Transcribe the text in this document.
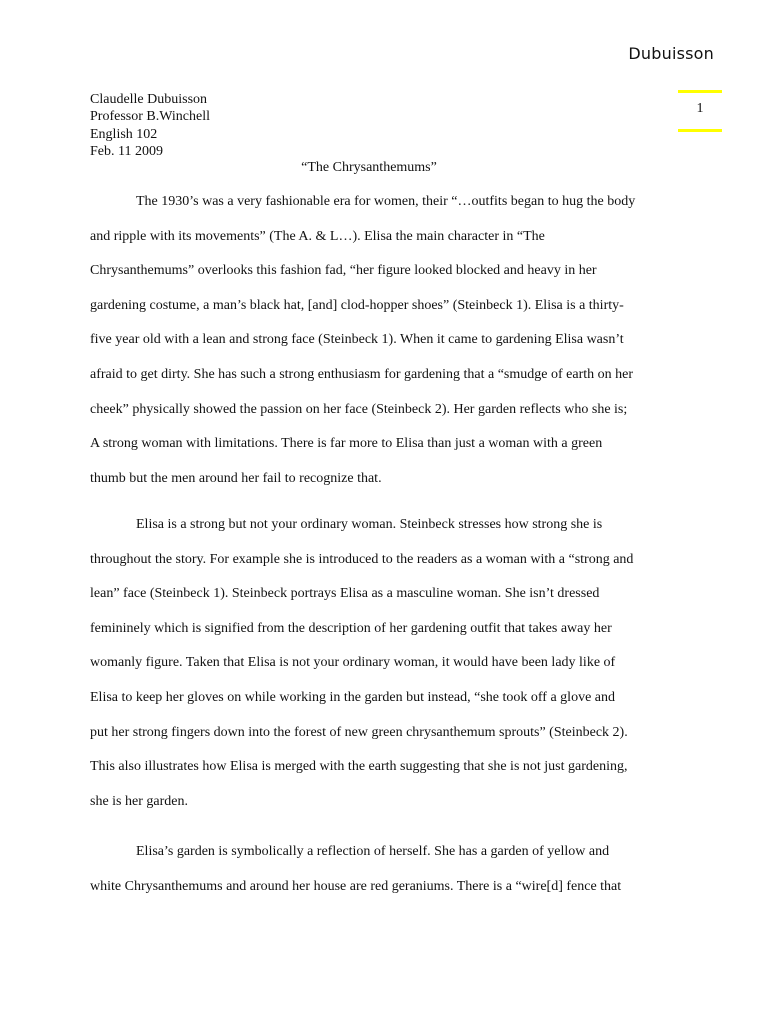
Dubuisson
1
Claudelle Dubuisson
Professor B.Winchell
English 102
Feb. 11 2009
“The Chrysanthemums”

The 1930’s was a very fashionable era for women, their “…outfits began to hug the body
and ripple with its movements” (The A. & L…). Elisa the main character in “The
Chrysanthemums” overlooks this fashion fad, “her figure looked blocked and heavy in her
gardening costume, a man’s black hat, [and] clod-hopper shoes” (Steinbeck 1). Elisa is a thirty-
five year old with a lean and strong face (Steinbeck 1). When it came to gardening Elisa wasn’t
afraid to get dirty. She has such a strong enthusiasm for gardening that a “smudge of earth on her
cheek” physically showed the passion on her face (Steinbeck 2). Her garden reflects who she is;
A strong woman with limitations. There is far more to Elisa than just a woman with a green
thumb but the men around her fail to recognize that.

Elisa is a strong but not your ordinary woman. Steinbeck stresses how strong she is
throughout the story. For example she is introduced to the readers as a woman with a “strong and
lean” face (Steinbeck 1). Steinbeck portrays Elisa as a masculine woman. She isn’t dressed
femininely which is signified from the description of her gardening outfit that takes away her
womanly figure. Taken that Elisa is not your ordinary woman, it would have been lady like of
Elisa to keep her gloves on while working in the garden but instead, “she took off a glove and
put her strong fingers down into the forest of new green chrysanthemum sprouts” (Steinbeck 2).
This also illustrates how Elisa is merged with the earth suggesting that she is not just gardening,
she is her garden.

Elisa’s garden is symbolically a reflection of herself. She has a garden of yellow and
white Chrysanthemums and around her house are red geraniums. There is a “wire[d] fence that
